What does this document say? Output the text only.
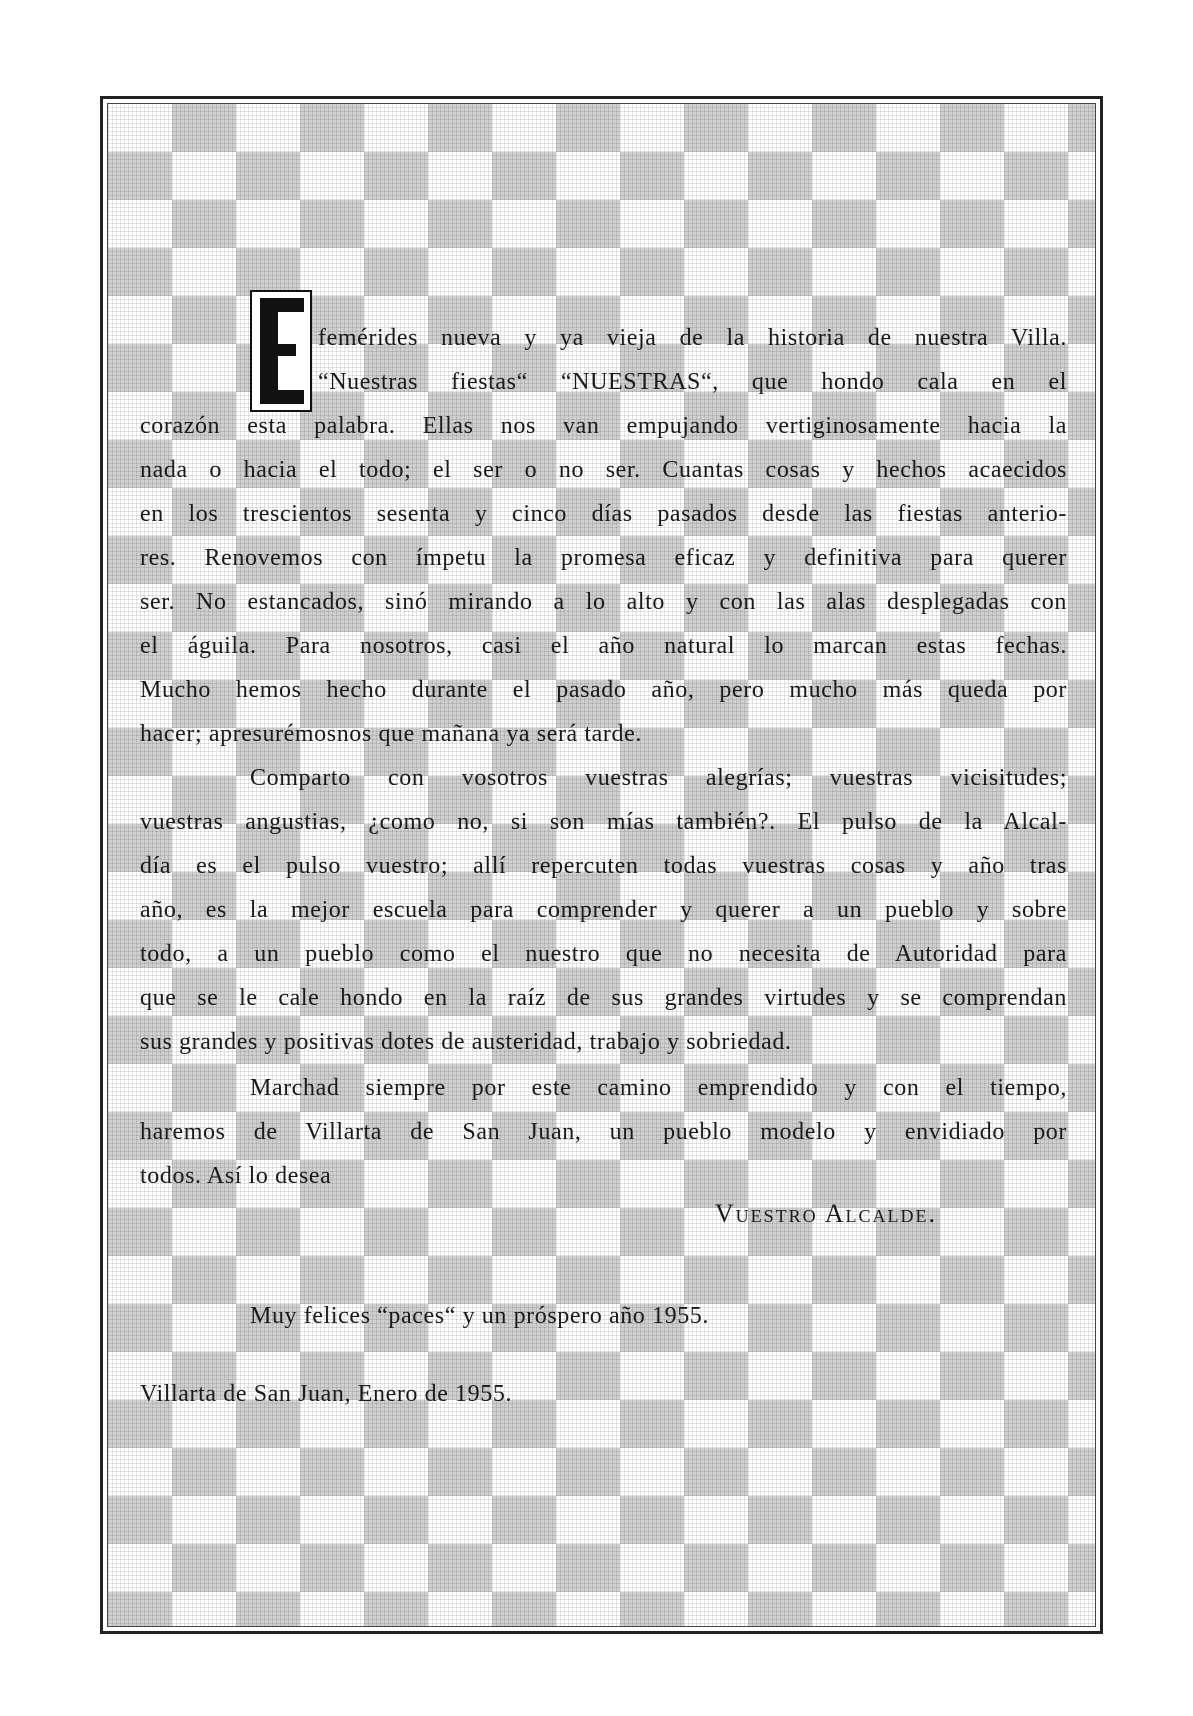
femérides nueva y ya vieja de la historia de nuestra Villa.
“Nuestras fiestas“ “NUESTRAS“, que hondo cala en el
corazón esta palabra. Ellas nos van empujando vertiginosamente hacia la
nada o hacia el todo; el ser o no ser. Cuantas cosas y hechos acaecidos
en los trescientos sesenta y cinco días pasados desde las fiestas anterio-
res. Renovemos con ímpetu la promesa eficaz y definitiva para querer
ser. No estancados, sinó mirando a lo alto y con las alas desplegadas con
el águila. Para nosotros, casi el año natural lo marcan estas fechas.
Mucho hemos hecho durante el pasado año, pero mucho más queda por
hacer; apresurémosnos que mañana ya será tarde.
Comparto con vosotros vuestras alegrías; vuestras vicisitudes;
vuestras angustias, ¿como no, si son mías también?. El pulso de la Alcal-
día es el pulso vuestro; allí repercuten todas vuestras cosas y año tras
año, es la mejor escuela para comprender y querer a un pueblo y sobre
todo, a un pueblo como el nuestro que no necesita de Autoridad para
que se le cale hondo en la raíz de sus grandes virtudes y se comprendan
sus grandes y positivas dotes de austeridad, trabajo y sobriedad.
Marchad siempre por este camino emprendido y con el tiempo,
haremos de Villarta de San Juan, un pueblo modelo y envidiado por
todos. Así lo desea
Vuestro Alcalde.
Muy felices “paces“ y un próspero año 1955.
Villarta de San Juan, Enero de 1955.
